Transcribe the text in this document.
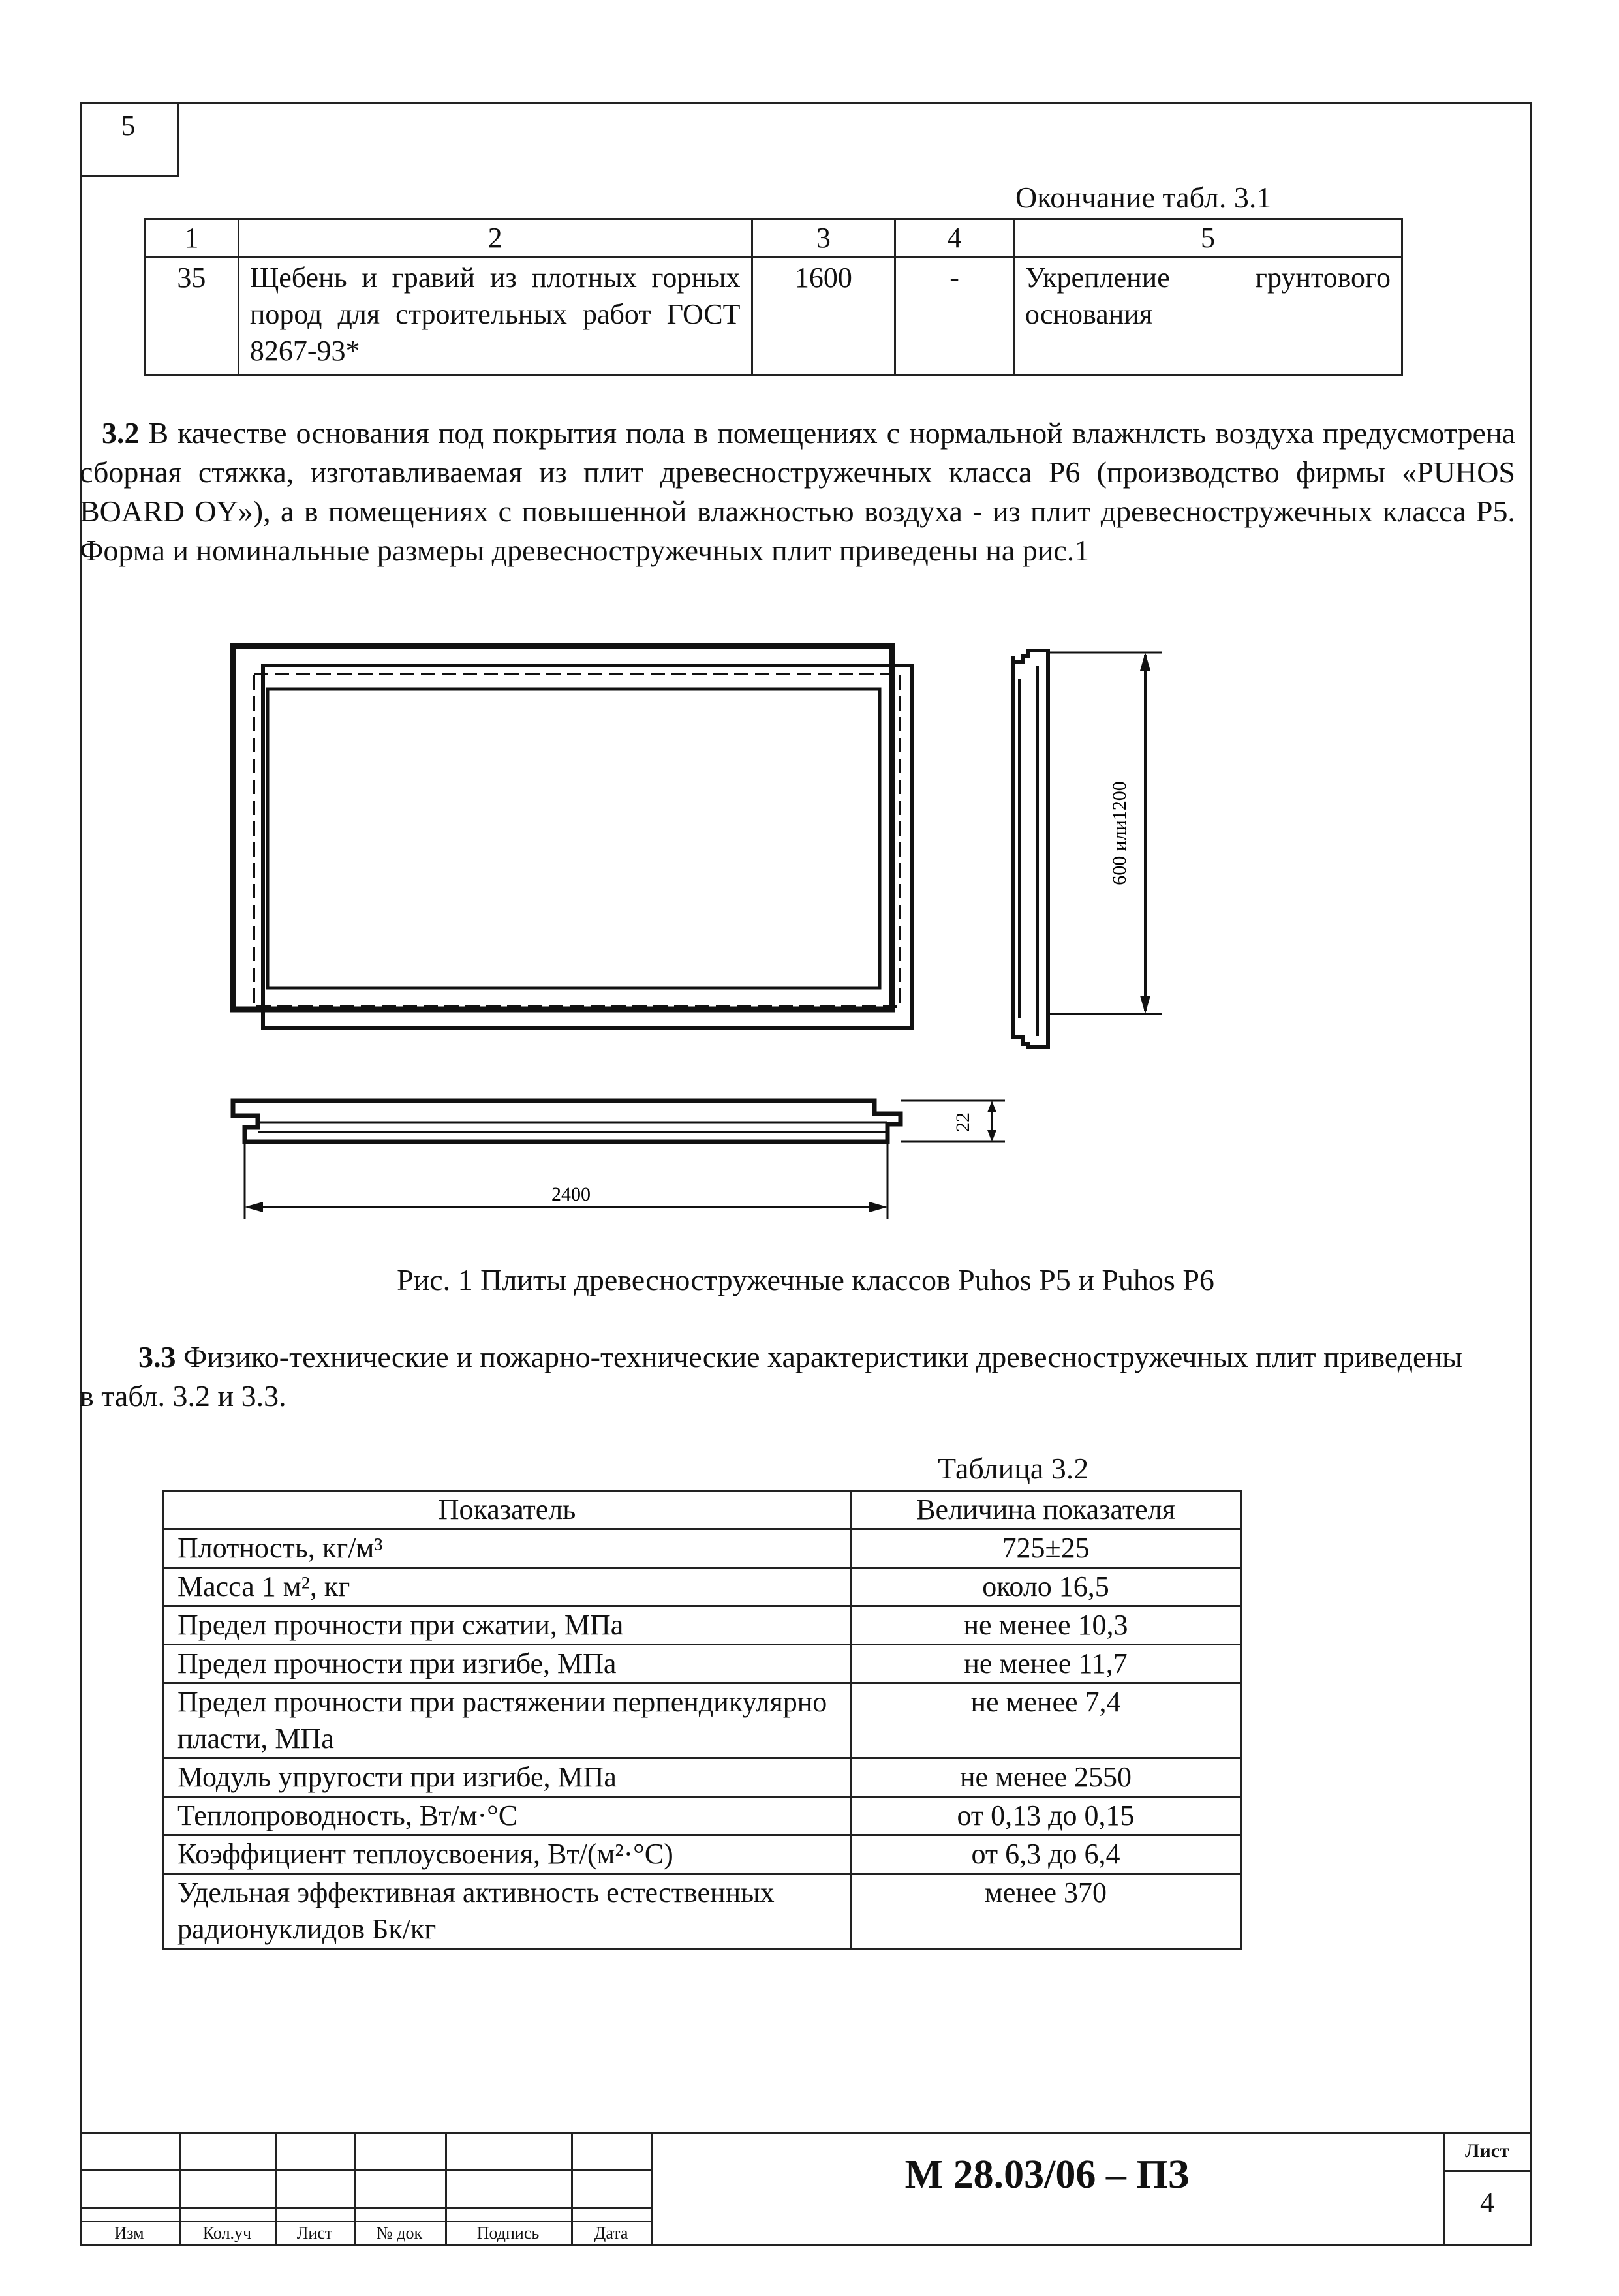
5
Окончание табл. 3.1
1	2	3	4	5
35	Щебень и гравий из плотных горных пород для строительных работ ГОСТ 8267-93*	1600	-	Укрепление грунтового основания
3.2 В качестве основания под покрытия пола в помещениях с нормальной влажнлсть воздуха предусмотрена сборная стяжка, изготавливаемая из плит древесностружечных класса Р6 (производство фирмы «PUHOS BOARD OY»), а в помещениях с повышенной влажностью воздуха - из плит древесностружечных класса Р5. Форма и номинальные размеры древесностружечных плит приведены на рис.1
600 или1200
22
2400
Рис. 1 Плиты древесностружечные классов Puhos Р5 и Puhos Р6
3.3 Физико-технические и пожарно-технические характеристики древесностружечных плит приведены в табл. 3.2 и 3.3.
Таблица 3.2
Показатель	Величина показателя
Плотность, кг/м³	725±25
Масса 1 м², кг	около 16,5
Предел прочности при сжатии, МПа	не менее 10,3
Предел прочности при изгибе, МПа	не менее 11,7
Предел прочности при растяжении перпендикулярно пласти, МПа	не менее 7,4
Модуль упругости при изгибе, МПа	не менее 2550
Теплопроводность, Вт/м·°С	от 0,13 до 0,15
Коэффициент теплоусвоения, Вт/(м²·°С)	от 6,3 до 6,4
Удельная эффективная активность естественных радионуклидов Бк/кг	менее 370
Изм	Кол.уч	Лист	№ док	Подпись	Дата
М 28.03/06 – ПЗ
Лист
4
